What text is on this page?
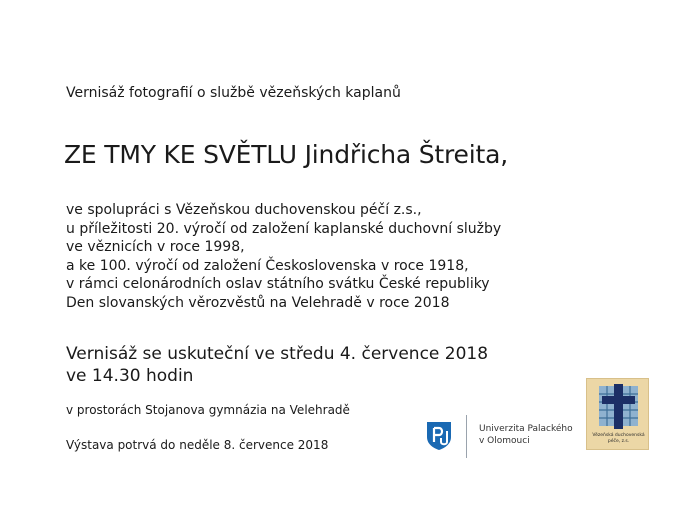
Vernisáž fotografií o službě vězeňských kaplanů
ZE TMY KE SVĚTLU Jindřicha Štreita,
ve spolupráci s Vězeňskou duchovenskou péčí z.s.,
u příležitosti 20. výročí od založení kaplanské duchovní služby
ve věznicích v roce 1998,
a ke 100. výročí od založení Československa v roce 1918,
v rámci celonárodních oslav státního svátku České republiky
Den slovanských věrozvěstů na Velehradě v roce 2018
Vernisáž se uskuteční ve středu 4. července 2018
ve 14.30 hodin
v prostorách Stojanova gymnázia na Velehradě
Výstava potrvá do neděle 8. července 2018
Univerzita Palackého
v Olomouci
Vězeňská duchovenská péče, z.s.
